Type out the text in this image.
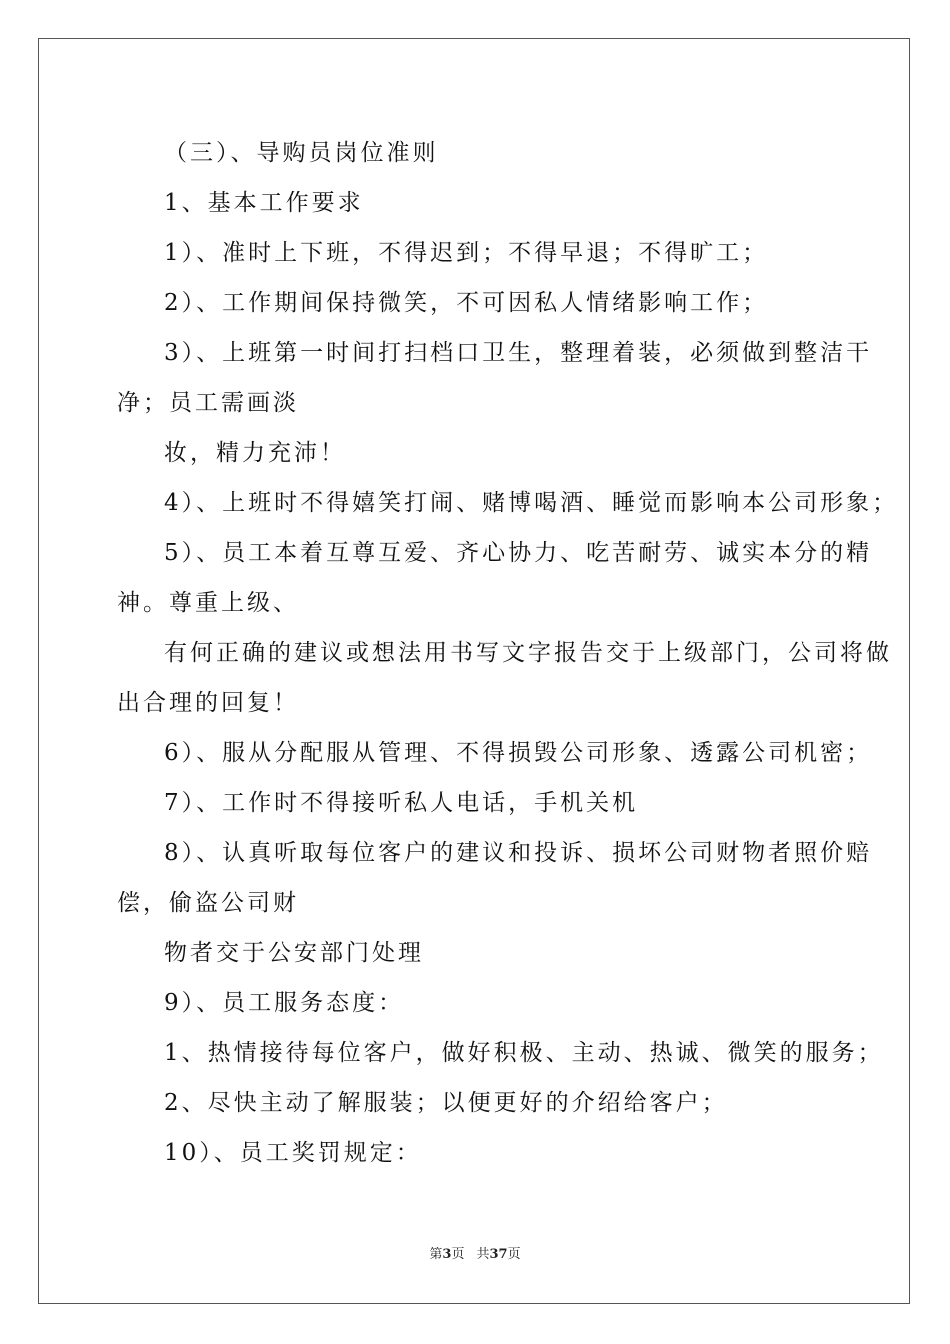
（三）、导购员岗位准则
1、基本工作要求
1）、准时上下班，不得迟到；不得早退；不得旷工；
2）、工作期间保持微笑，不可因私人情绪影响工作；
3）、上班第一时间打扫档口卫生，整理着装，必须做到整洁干
净；员工需画淡
妆，精力充沛！
4）、上班时不得嬉笑打闹、赌博喝酒、睡觉而影响本公司形象；
5）、员工本着互尊互爱、齐心协力、吃苦耐劳、诚实本分的精
神。尊重上级、
有何正确的建议或想法用书写文字报告交于上级部门，公司将做
出合理的回复！
6）、服从分配服从管理、不得损毁公司形象、透露公司机密；
7）、工作时不得接听私人电话，手机关机
8）、认真听取每位客户的建议和投诉、损坏公司财物者照价赔
偿，偷盗公司财
物者交于公安部门处理
9）、员工服务态度：
1、热情接待每位客户，做好积极、主动、热诚、微笑的服务；
2、尽快主动了解服装；以便更好的介绍给客户；
10）、员工奖罚规定：
第3页 共37页
